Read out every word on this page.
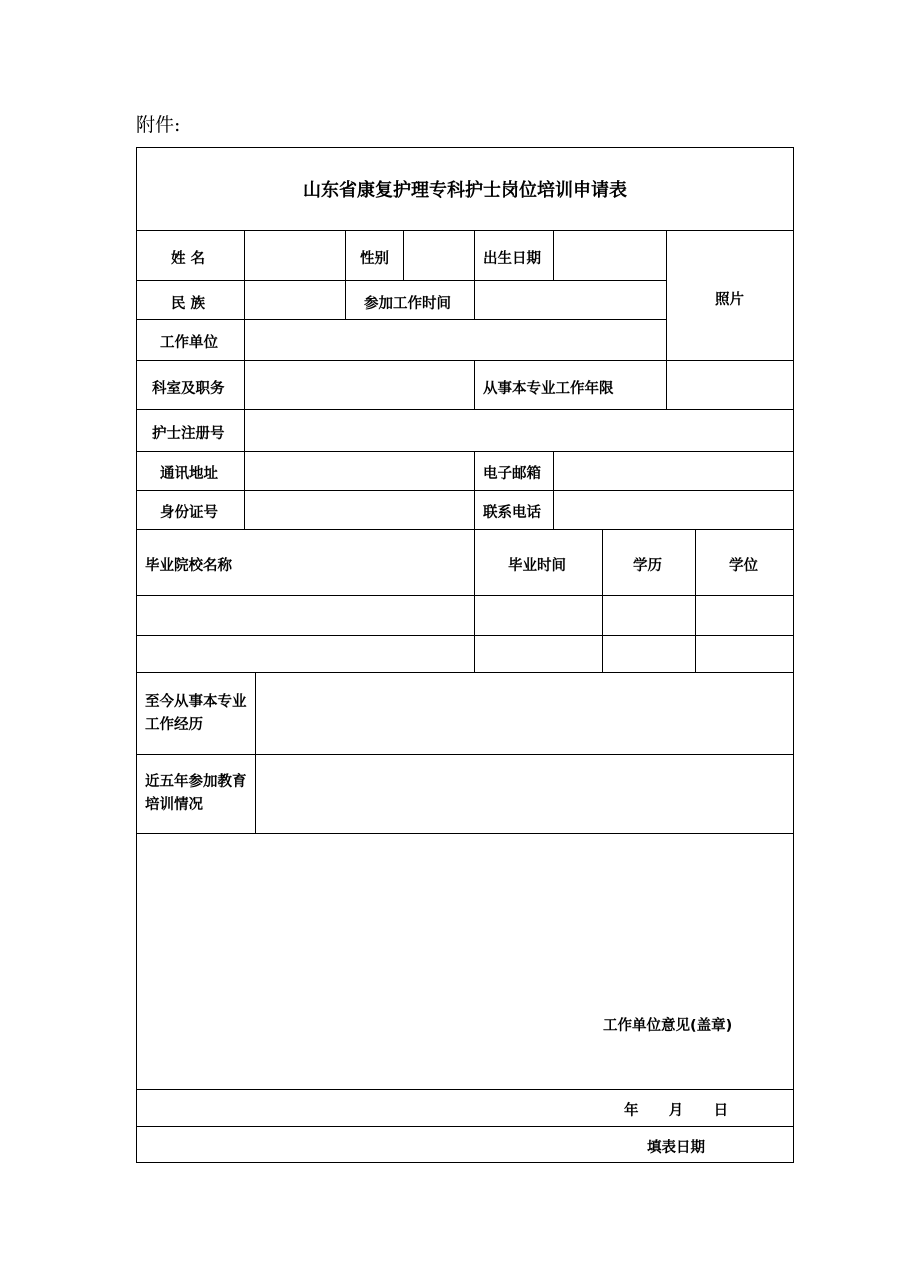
附件:
山东省康复护理专科护士岗位培训申请表
姓 名	性别	出生日期
照片
民 族	参加工作时间
工作单位
科室及职务	从事本专业工作年限
护士注册号
通讯地址	电子邮箱
身份证号	联系电话
毕业院校名称	毕业时间	学历	学位
至今从事本专业工作经历
近五年参加教育培训情况
工作单位意见(盖章)
年      月      日
填表日期
